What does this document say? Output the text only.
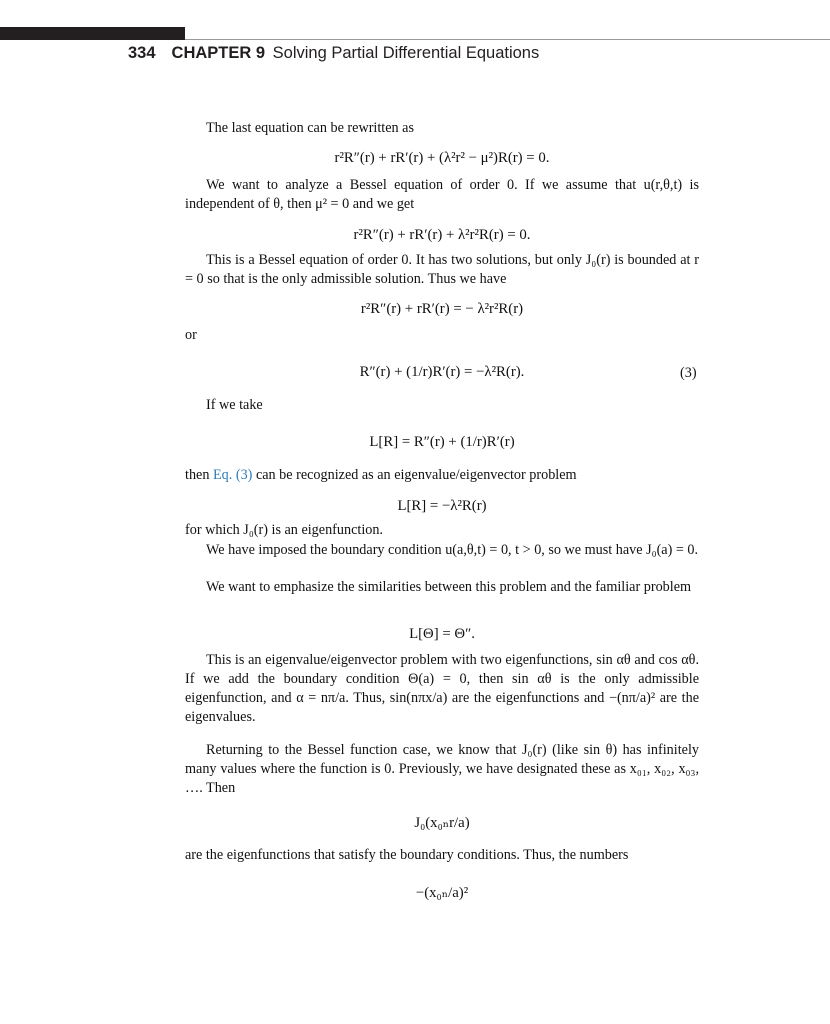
334 CHAPTER 9 Solving Partial Differential Equations
The last equation can be rewritten as
r²R″(r) + rR′(r) + (λ²r² − μ²)R(r) = 0.
We want to analyze a Bessel equation of order 0. If we assume that u(r,θ,t) is independent of θ, then μ² = 0 and we get
r²R″(r) + rR′(r) + λ²r²R(r) = 0.
This is a Bessel equation of order 0. It has two solutions, but only J₀(r) is bounded at r = 0 so that is the only admissible solution. Thus we have
r²R″(r) + rR′(r) = − λ²r²R(r)
or
R″(r) + (1/r)R′(r) = −λ²R(r).	(3)
If we take
L[R] = R″(r) + (1/r)R′(r)
then Eq. (3) can be recognized as an eigenvalue/eigenvector problem
L[R] = −λ²R(r)
for which J₀(r) is an eigenfunction.
We have imposed the boundary condition u(a,θ,t) = 0, t > 0, so we must have J₀(a) = 0.
We want to emphasize the similarities between this problem and the familiar problem
L[Θ] = Θ″.
This is an eigenvalue/eigenvector problem with two eigenfunctions, sin αθ and cos αθ. If we add the boundary condition Θ(a) = 0, then sin αθ is the only admissible eigenfunction, and α = nπ/a. Thus, sin(nπx/a) are the eigenfunctions and −(nπ/a)² are the eigenvalues.
Returning to the Bessel function case, we know that J₀(r) (like sin θ) has infinitely many values where the function is 0. Previously, we have designated these as x₀₁, x₀₂, x₀₃, …. Then
J₀(x₀ₙr/a)
are the eigenfunctions that satisfy the boundary conditions. Thus, the numbers
−(x₀ₙ/a)²
